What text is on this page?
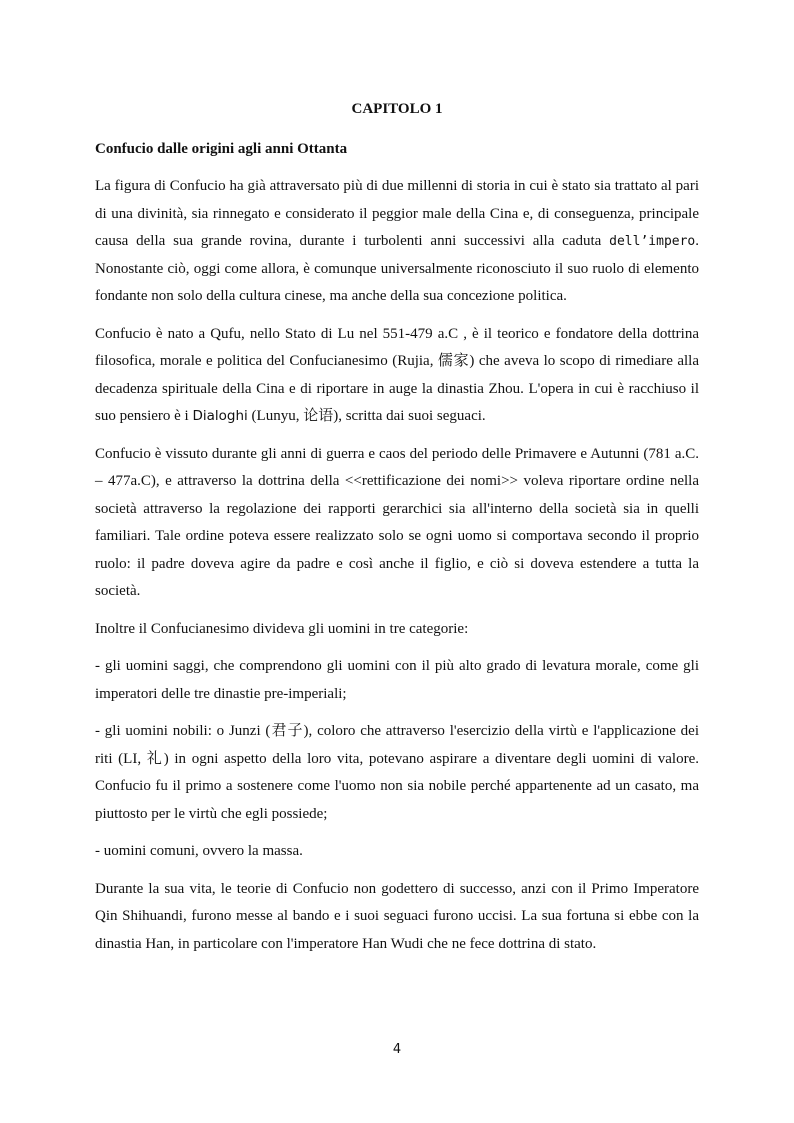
CAPITOLO 1
Confucio dalle origini agli anni Ottanta

La figura di Confucio ha già attraversato più di due millenni di storia in cui è stato sia trattato al pari di una divinità, sia rinnegato e considerato il peggior male della Cina e, di conseguenza, principale causa della sua grande rovina, durante i turbolenti anni successivi alla caduta dell’impero. Nonostante ciò, oggi come allora, è comunque universalmente riconosciuto il suo ruolo di elemento fondante non solo della cultura cinese, ma anche della sua concezione politica.

Confucio è nato a Qufu, nello Stato di Lu nel 551-479 a.C , è il teorico e fondatore della dottrina filosofica, morale e politica del Confucianesimo (Rujia, 儒家) che aveva lo scopo di rimediare alla decadenza spirituale della Cina e di riportare in auge la dinastia Zhou. L'opera in cui è racchiuso il suo pensiero è i Dialoghi (Lunyu, 论语), scritta dai suoi seguaci.

Confucio è vissuto durante gli anni di guerra e caos del periodo delle Primavere e Autunni (781 a.C. – 477a.C), e attraverso la dottrina della <<rettificazione dei nomi>> voleva riportare ordine nella società attraverso la regolazione dei rapporti gerarchici sia all'interno della società sia in quelli familiari. Tale ordine poteva essere realizzato solo se ogni uomo si comportava secondo il proprio ruolo: il padre doveva agire da padre e così anche il figlio, e ciò si doveva estendere a tutta la società.

Inoltre il Confucianesimo divideva gli uomini in tre categorie:

- gli uomini saggi, che comprendono gli uomini con il più alto grado di levatura morale, come gli imperatori delle tre dinastie pre-imperiali;

- gli uomini nobili: o Junzi (君子), coloro che attraverso l'esercizio della virtù e l'applicazione dei riti (LI, 礼) in ogni aspetto della loro vita, potevano aspirare a diventare degli uomini di valore. Confucio fu il primo a sostenere come l'uomo non sia nobile perché appartenente ad un casato, ma piuttosto per le virtù che egli possiede;

- uomini comuni, ovvero la massa.

Durante la sua vita, le teorie di Confucio non godettero di successo, anzi con il Primo Imperatore Qin Shihuandi, furono messe al bando e i suoi seguaci furono uccisi. La sua fortuna si ebbe con la dinastia Han, in particolare con l'imperatore Han Wudi che ne fece dottrina di stato.

4
